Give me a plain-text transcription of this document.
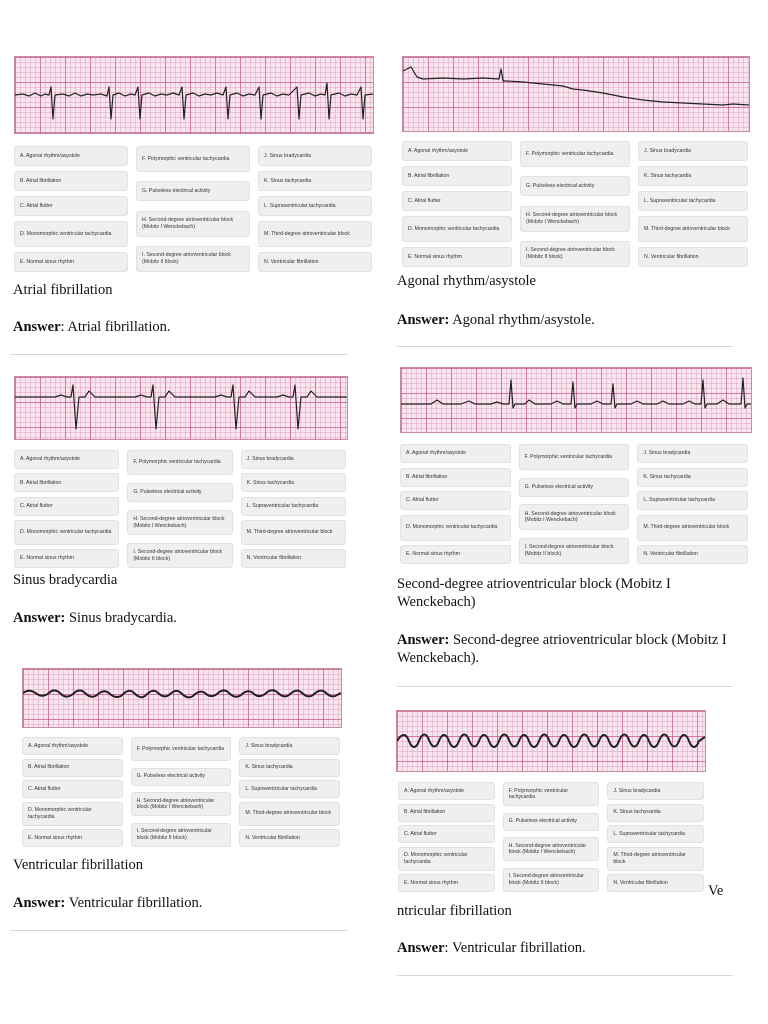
A. Agonal rhythm/asystole
B. Atrial fibrillation
C. Atrial flutter
D. Monomorphic ventricular tachycardia
E. Normal sinus rhythm
F. Polymorphic ventricular tachycardia
G. Pulseless electrical activity
H. Second-degree atrioventricular block (Mobitz I Wenckebach)
I. Second-degree atrioventricular block (Mobitz II block)
J. Sinus bradycardia
K. Sinus tachycardia
L. Supraventricular tachycardia
M. Third-degree atrioventricular block
N. Ventricular fibrillation
Atrial fibrillation
Answer: Atrial fibrillation.
A. Agonal rhythm/asystole
B. Atrial fibrillation
C. Atrial flutter
D. Monomorphic ventricular tachycardia
E. Normal sinus rhythm
F. Polymorphic ventricular tachycardia
G. Pulseless electrical activity
H. Second-degree atrioventricular block (Mobitz I Wenckebach)
I. Second-degree atrioventricular block (Mobitz II block)
J. Sinus bradycardia
K. Sinus tachycardia
L. Supraventricular tachycardia
M. Third-degree atrioventricular block
N. Ventricular fibrillation
Agonal rhythm/asystole
Answer: Agonal rhythm/asystole.
A. Agonal rhythm/asystole
B. Atrial fibrillation
C. Atrial flutter
D. Monomorphic ventricular tachycardia
E. Normal sinus rhythm
F. Polymorphic ventricular tachycardia
G. Pulseless electrical activity
H. Second-degree atrioventricular block (Mobitz I Wenckebach)
I. Second-degree atrioventricular block (Mobitz II block)
J. Sinus bradycardia
K. Sinus tachycardia
L. Supraventricular tachycardia
M. Third-degree atrioventricular block
N. Ventricular fibrillation
Sinus bradycardia
Answer: Sinus bradycardia.
A. Agonal rhythm/asystole
B. Atrial fibrillation
C. Atrial flutter
D. Monomorphic ventricular tachycardia
E. Normal sinus rhythm
F. Polymorphic ventricular tachycardia
G. Pulseless electrical activity
H. Second-degree atrioventricular block (Mobitz I Wenckebach)
I. Second-degree atrioventricular block (Mobitz II block)
J. Sinus bradycardia
K. Sinus tachycardia
L. Supraventricular tachycardia
M. Third-degree atrioventricular block
N. Ventricular fibrillation
Second-degree atrioventricular block (Mobitz I Wenckebach)
Answer: Second-degree atrioventricular block (Mobitz I Wenckebach).
A. Agonal rhythm/asystole
B. Atrial fibrillation
C. Atrial flutter
D. Monomorphic ventricular tachycardia
E. Normal sinus rhythm
F. Polymorphic ventricular tachycardia
G. Pulseless electrical activity
H. Second-degree atrioventricular block (Mobitz I Wenckebach)
I. Second-degree atrioventricular block (Mobitz II block)
J. Sinus bradycardia
K. Sinus tachycardia
L. Supraventricular tachycardia
M. Third-degree atrioventricular block
N. Ventricular fibrillation
Ventricular fibrillation
Answer: Ventricular fibrillation.
A. Agonal rhythm/asystole
B. Atrial fibrillation
C. Atrial flutter
D. Monomorphic ventricular tachycardia
E. Normal sinus rhythm
F. Polymorphic ventricular tachycardia
G. Pulseless electrical activity
H. Second-degree atrioventricular block (Mobitz I Wenckebach)
I. Second-degree atrioventricular block (Mobitz II block)
J. Sinus bradycardia
K. Sinus tachycardia
L. Supraventricular tachycardia
M. Third-degree atrioventricular block
N. Ventricular fibrillation
Ve
ntricular fibrillation
Answer: Ventricular fibrillation.
